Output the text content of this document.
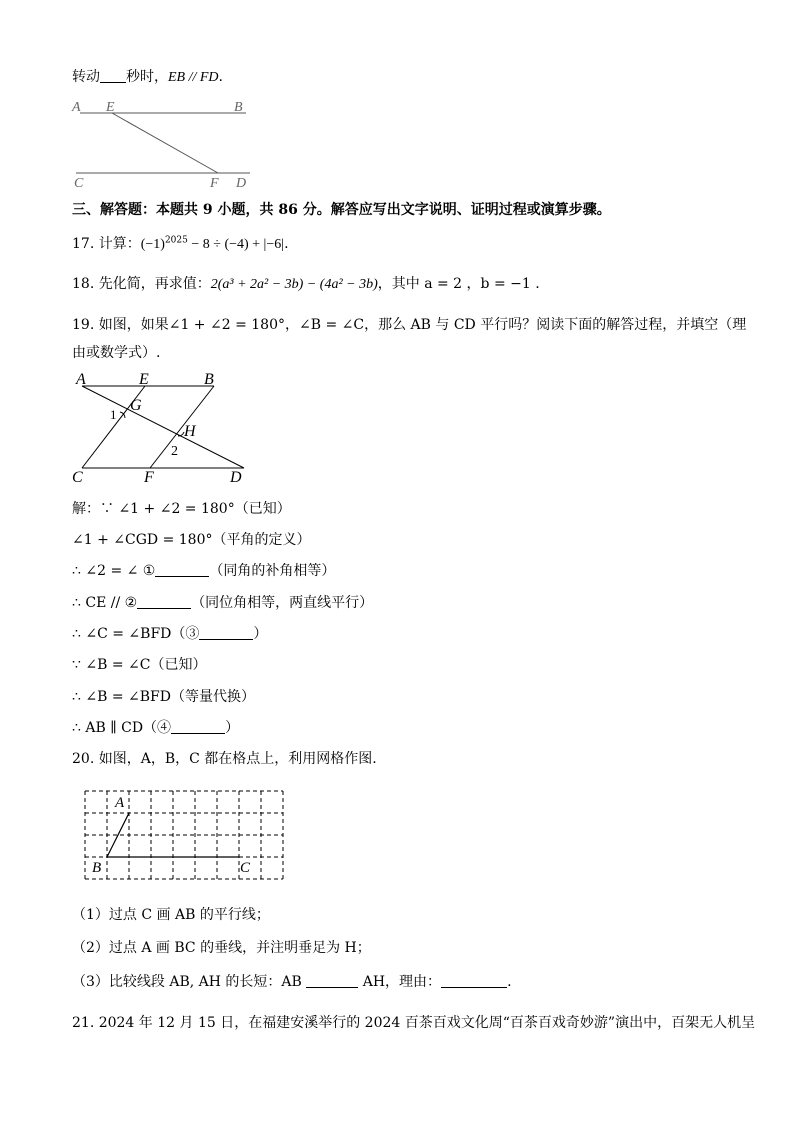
转动 秒时，EB // FD.
A E	B
C	F D
三、解答题：本题共 9 小题，共 86 分。解答应写出文字说明、证明过程或演算步骤。
17. 计算：$(-1)^{2025} - 8 \div (-4) + |-6|$.
18. 先化简，再求值：2(a³ + 2a² − 3b) − (4a² − 3b)，其中 a = 2 ，b = −1 .
19. 如图，如果∠1 + ∠2 = 180°，∠B = ∠C，那么 AB 与 CD 平行吗？阅读下面的解答过程，并填空（理
由或数学式）.
A	E	B
G
1
H
2
C	F	D
解：∵ ∠1 + ∠2 = 180°（已知）
∠1 + ∠CGD = 180°（平角的定义）
∴ ∠2 = ∠ ①	（同角的补角相等）
∴ CE // ②	（同位角相等，两直线平行）
∴ ∠C = ∠BFD（③	）
∵ ∠B = ∠C（已知）
∴ ∠B = ∠BFD（等量代换）
∴ AB ∥ CD（④	）
20. 如图，A，B，C 都在格点上，利用网格作图.
A
B	C
（1）过点 C 画 AB 的平行线；
（2）过点 A 画 BC 的垂线，并注明垂足为 H；
（3）比较线段 AB, AH 的长短：AB	AH，理由：	.
21. 2024 年 12 月 15 日，在福建安溪举行的 2024 百茶百戏文化周“百茶百戏奇妙游”演出中，百架无人机呈
